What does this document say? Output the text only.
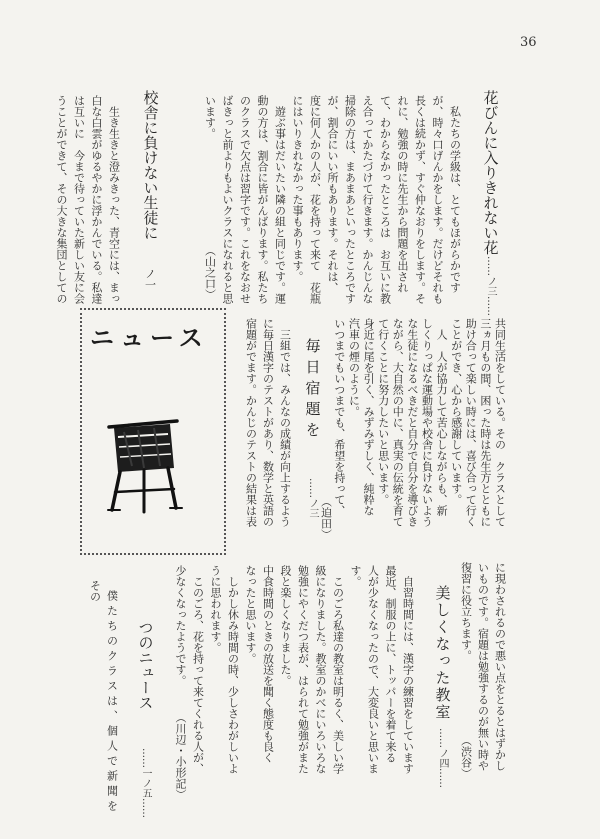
36
ニュース
花びんに入りきれない花
……ノ三……
私たちの学級は、とてもほがらかです
が、時々口げんかをします。だけどそれも
長くは続かず、すぐ仲なおりをします。そ
れに、勉強の時に先生から問題を出され
て、わからなかったところは　お互いに教
え合ってかたづけて行きます。かんじんな
掃除の方は、まあまあといったところです
が、割合にいい所もあります。それは、
度に何人かの人が、花を持って来て　花瓶
にはいりきれなかった事もあります。
遊ぶ事はだいたい隣の組と同じです。運
動の方は、割合に皆がんばります。私たち
のクラスで欠点は習字です。これをなおせ
ばきっと前よりもよいクラスになれると思
います。
（山之口）
校舎に負けない生徒に
ノ一
生き生きと澄みきった、青空には、まっ
白な白雲がゆるやかに浮かんでいる。私達
は互いに　今まで待っていた新しい友に会
うことができて、その大きな集団としての
共同生活をしている。その　クラスとして
三ヵ月もの間、困った時は先生方とともに
助け合って楽しい時には、喜び合って行く
ことができ、心から感謝しています。
人　人が協力して苦心しながらも、新
しくりっぱな運動場や校舎に負けないよう
な生徒になるべきだと自分で自分を導びき
ながら、大自然の中に、真実の伝統を育て
て行くことに努力したいと思います。
身近に尾を引く、みずみずしく、純粋な
汽車の煙のように。
いつまでもいつまでも、希望を持って、
（迫田）
毎日宿題を
……ノ三
三組では、みんなの成績が向上するよう
に毎日漢字のテストがあり、数学と英語の
宿題がでます。かんじのテストの結果は表
に現わされるので悪い点をとるとはずかし
いものです。宿題は勉強するのが無い時や
復習に役立ちます。
（渋谷）
美しくなった教室
……ノ四……
自習時間には、漢字の練習をしています
最近、制服の上に、トッパーを着て来る
人が少なくなったので、大変良いと思いま
す。
このごろ私達の教室は明るく、美しい学
級になりました。教室のかべにいろいろな
勉強にやくだつ表が、はられて勉強がまた
段と楽しくなりました。
中食時間のときの放送を聞く態度も良く
なったと思います。
しかし休み時間の時、少しさわがしいよ
うに思われます。
このごろ、花を持って来てくれる人が、
少なくなったようです。
（川辺・小形記）
つのニュース
……一ノ五……
僕たちのクラスは、個人で新聞を
その
